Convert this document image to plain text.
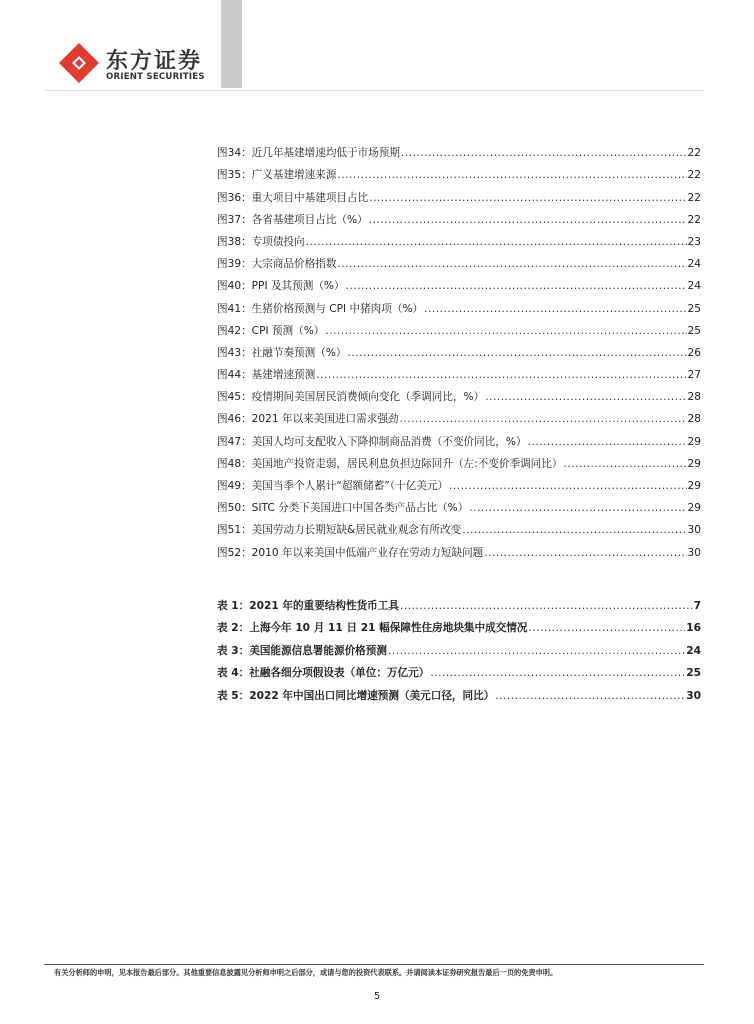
东方证券
ORIENT SECURITIES
图34： 近几年基建增速均低于市场预期 .....	22
图35： 广义基建增速来源 .....	22
图36： 重大项目中基建项目占比 .....	22
图37： 各省基建项目占比（%） .....	22
图38： 专项债投向 .....	23
图39： 大宗商品价格指数 .....	24
图40： PPI 及其预测（%） .....	24
图41： 生猪价格预测与 CPI 中猪肉项（%） .....	25
图42： CPI 预测（%） .....	25
图43： 社融节奏预测（%） .....	26
图44： 基建增速预测 .....	27
图45： 疫情期间美国居民消费倾向变化（季调同比，%） .....	28
图46： 2021 年以来美国进口需求强劲 .....	28
图47： 美国人均可支配收入下降抑制商品消费（不变价同比，%） .....	29
图48： 美国地产投资走弱，居民利息负担边际回升（左:不变价季调同比） .....	29
图49： 美国当季个人累计“超额储蓄”（十亿美元） .....	29
图50： SITC 分类下美国进口中国各类产品占比（%） .....	29
图51： 美国劳动力长期短缺&居民就业观念有所改变 .....	30
图52： 2010 年以来美国中低端产业存在劳动力短缺问题 .....	30
表 1： 2021 年的重要结构性货币工具 .....	7
表 2： 上海今年 10 月 11 日 21 幅保障性住房地块集中成交情况 .....	16
表 3： 美国能源信息署能源价格预测 .....	24
表 4： 社融各细分项假设表（单位：万亿元） .....	25
表 5： 2022 年中国出口同比增速预测（美元口径，同比） .....	30
有关分析师的申明，见本报告最后部分。其他重要信息披露见分析师申明之后部分，或请与您的投资代表联系。并请阅读本证券研究报告最后一页的免责申明。
5
